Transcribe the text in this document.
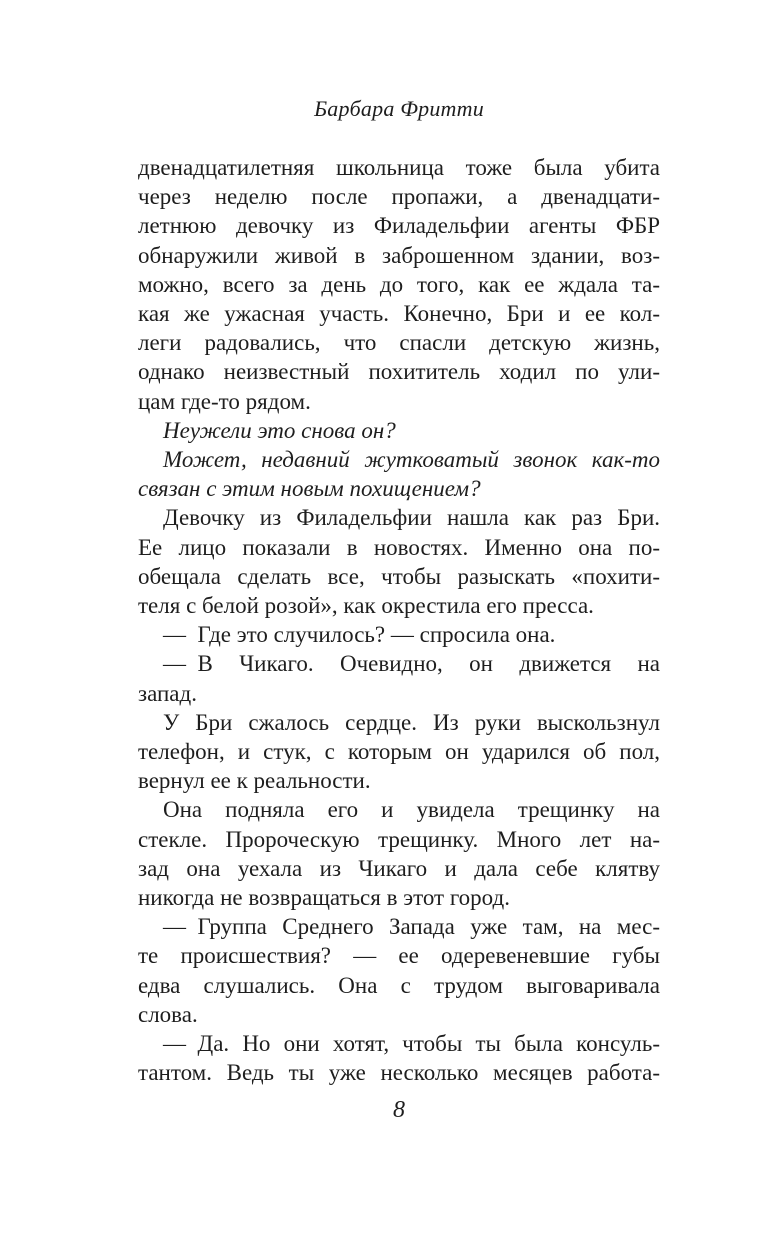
Барбара Фритти

двенадцатилетняя школьница тоже была убита
через неделю после пропажи, а двенадцати-
летнюю девочку из Филадельфии агенты ФБР
обнаружили живой в заброшенном здании, воз-
можно, всего за день до того, как ее ждала та-
кая же ужасная участь. Конечно, Бри и ее кол-
леги радовались, что спасли детскую жизнь,
однако неизвестный похититель ходил по ули-
цам где-то рядом.

Неужели это снова он?

Может, недавний жутковатый звонок как-то
связан с этим новым похищением?

Девочку из Филадельфии нашла как раз Бри.
Ее лицо показали в новостях. Именно она по-
обещала сделать все, чтобы разыскать «похити-
теля с белой розой», как окрестила его пресса.

— Где это случилось? — спросила она.

— В Чикаго. Очевидно, он движется на
запад.

У Бри сжалось сердце. Из руки выскользнул
телефон, и стук, с которым он ударился об пол,
вернул ее к реальности.

Она подняла его и увидела трещинку на
стекле. Пророческую трещинку. Много лет на-
зад она уехала из Чикаго и дала себе клятву
никогда не возвращаться в этот город.

— Группа Среднего Запада уже там, на мес-
те происшествия? — ее одеревеневшие губы
едва слушались. Она с трудом выговаривала
слова.

— Да. Но они хотят, чтобы ты была консуль-
тантом. Ведь ты уже несколько месяцев работа-

8
